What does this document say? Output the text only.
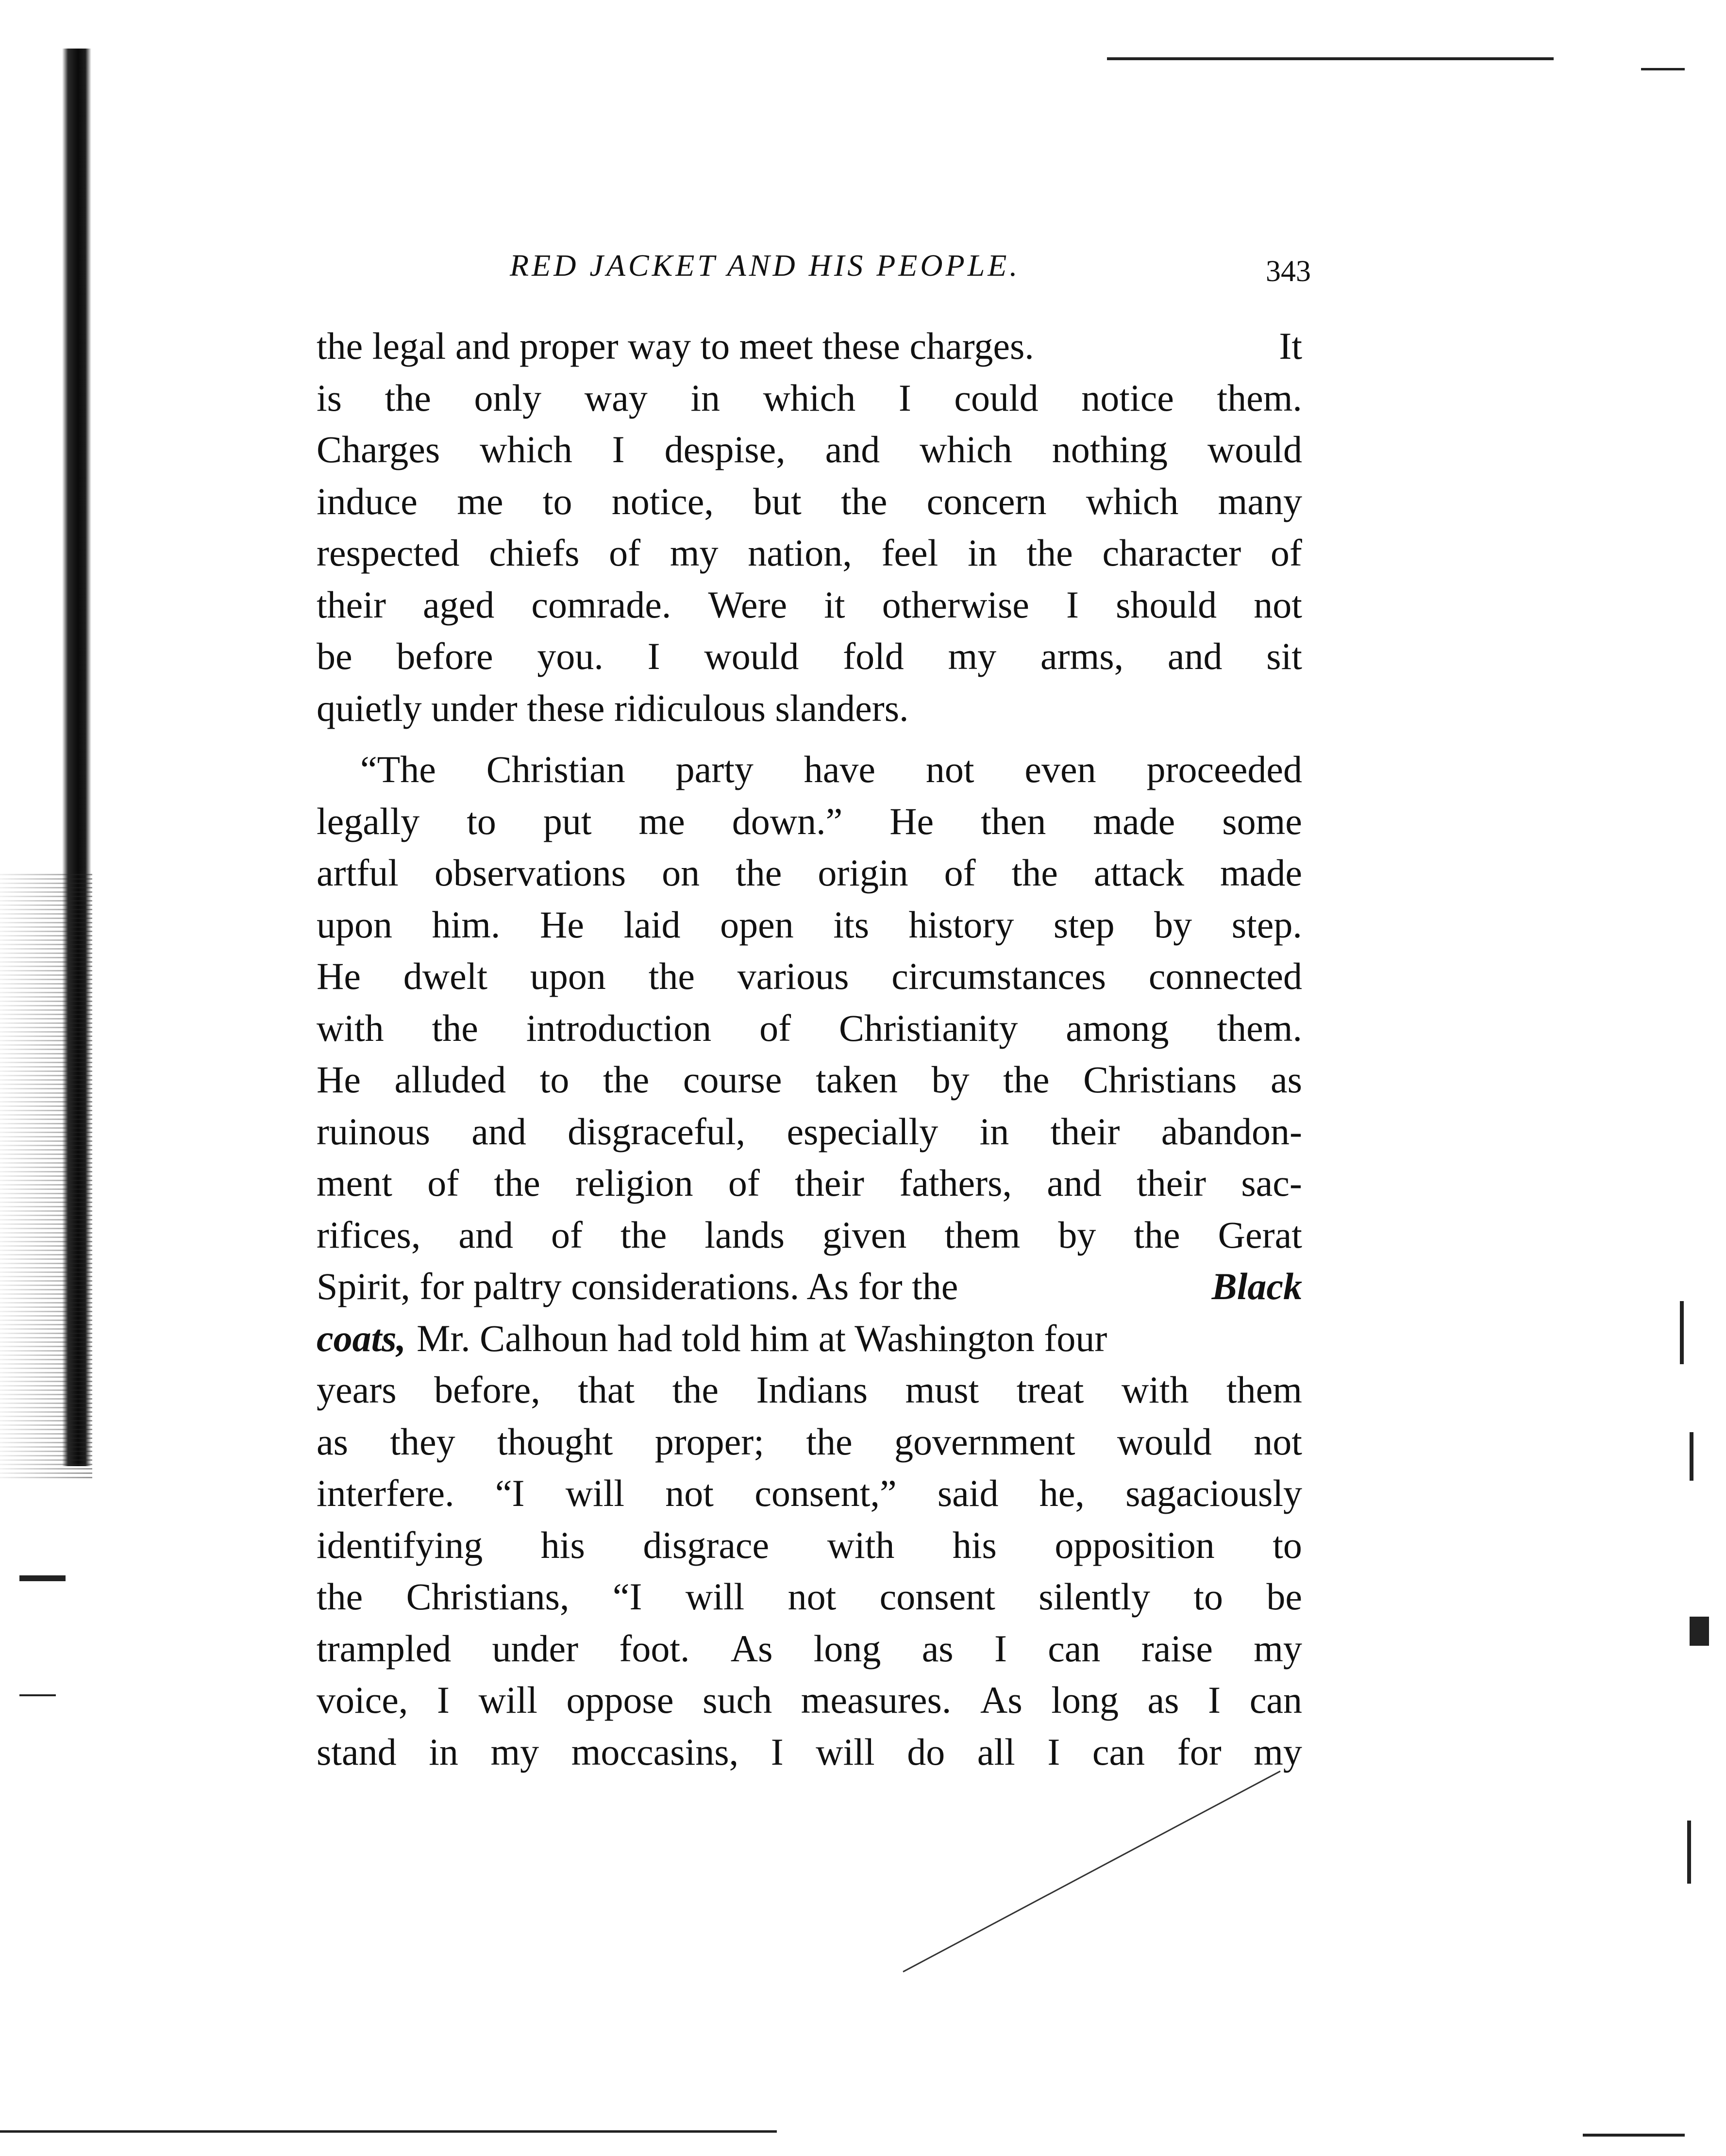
RED JACKET AND HIS PEOPLE.	343
the legal and proper way to meet these charges.	It
is the only way in which I could notice them.
Charges which I despise, and which nothing would
induce me to notice, but the concern which many
respected chiefs of my nation, feel in the character of
their aged comrade. Were it otherwise I should not
be before you. I would fold my arms, and sit
quietly under these ridiculous slanders.
“The Christian party have not even proceeded
legally to put me down.” He then made some
artful observations on the origin of the attack made
upon him. He laid open its history step by step.
He dwelt upon the various circumstances connected
with the introduction of Christianity among them.
He alluded to the course taken by the Christians as
ruinous and disgraceful, especially in their abandon-
ment of the religion of their fathers, and their sac-
rifices, and of the lands given them by the Gerat
Spirit, for paltry considerations. As for the	Black
coats, Mr. Calhoun had told him at Washington four
years before, that the Indians must treat with them
as they thought proper; the government would not
interfere. “I will not consent,” said he, sagaciously
identifying his disgrace with his opposition to
the Christians, “I will not consent silently to be
trampled under foot. As long as I can raise my
voice, I will oppose such measures. As long as I can
stand in my moccasins, I will do all I can for my
